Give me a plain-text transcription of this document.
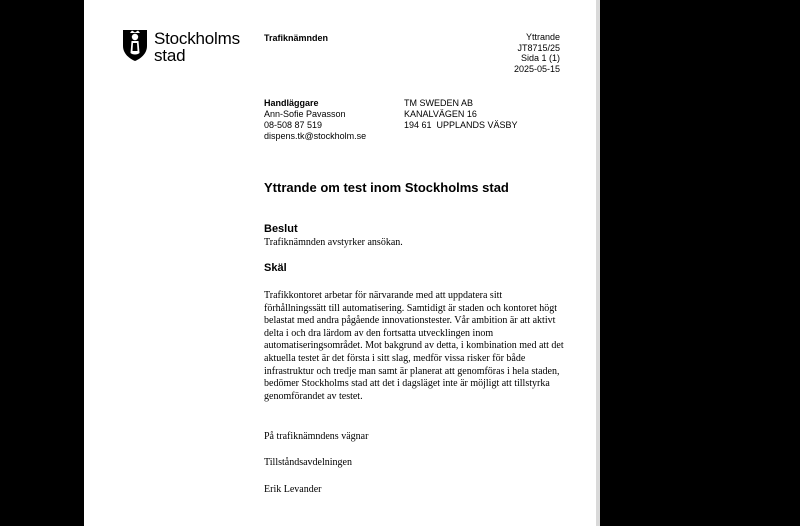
Stockholms
stad
Trafiknämnden	Yttrande
JT8715/25
Sida 1 (1)
2025-05-15
Handläggare
Ann-Sofie Pavasson
08-508 87 519
dispens.tk@stockholm.se
TM SWEDEN AB
KANALVÄGEN 16
194 61  UPPLANDS VÄSBY
Yttrande om test inom Stockholms stad
Beslut
Trafiknämnden avstyrker ansökan.
Skäl
Trafikkontoret arbetar för närvarande med att uppdatera sitt förhållningssätt till automatisering. Samtidigt är staden och kontoret högt belastat med andra pågående innovationstester. Vår ambition är att aktivt delta i och dra lärdom av den fortsatta utvecklingen inom automatiseringsområdet. Mot bakgrund av detta, i kombination med att det aktuella testet är det första i sitt slag, medför vissa risker för både infrastruktur och tredje man samt är planerat att genomföras i hela staden, bedömer Stockholms stad att det i dagsläget inte är möjligt att tillstyrka genomförandet av testet.
På trafiknämndens vägnar
Tillståndsavdelningen
Erik Levander
